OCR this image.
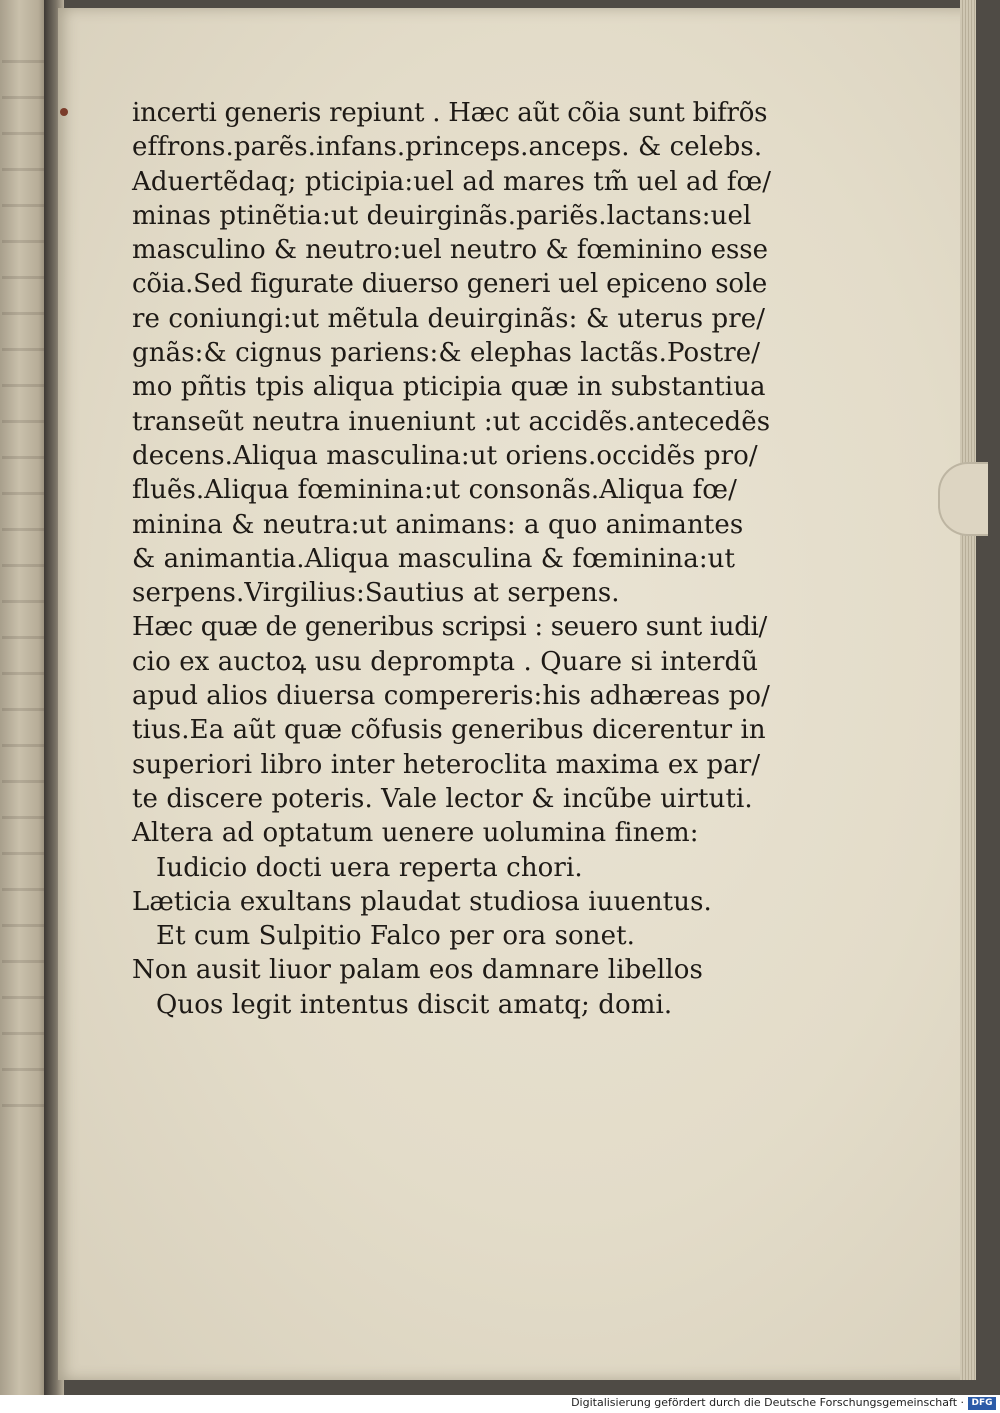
incerti generis repiunt . Hæc aũt cõia sunt bifrõs
effrons.parẽs.infans.princeps.anceps. & celebs.
Aduertẽdaq; pticipia:uel ad mares tm̃ uel ad fœ/
minas ptinẽtia:ut deuirginãs.pariẽs.lactans:uel
masculino & neutro:uel neutro & fœminino esse
cõia.Sed figurate diuerso generi uel epiceno sole
re coniungi:ut mẽtula deuirginãs: & uterus pre/
gnãs:& cignus pariens:& elephas lactãs.Postre/
mo pñtis tpis aliqua pticipia quæ in substantiua
transeũt neutra inueniunt :ut accidẽs.antecedẽs
decens.Aliqua masculina:ut oriens.occidẽs pro/
fluẽs.Aliqua fœminina:ut consonãs.Aliqua fœ/
minina & neutra:ut animans: a quo animantes
& animantia.Aliqua masculina & fœminina:ut
serpens.Virgilius:Sautius at serpens.
Hæc quæ de generibus scripsi : seuero sunt iudi/
cio ex auctoꝝ usu deprompta . Quare si interdũ
apud alios diuersa compereris:his adhæreas po/
tius.Ea aũt quæ cõfusis generibus dicerentur in
superiori libro inter heteroclita maxima ex par/
te discere poteris. Vale lector & incũbe uirtuti.
Altera ad optatum uenere uolumina finem:
Iudicio docti uera reperta chori.
Læticia exultans plaudat studiosa iuuentus.
Et cum Sulpitio Falco per ora sonet.
Non ausit liuor palam eos damnare libellos
Quos legit intentus discit amatq; domi.
Digitalisierung gefördert durch die Deutsche Forschungsgemeinschaft · DFG
